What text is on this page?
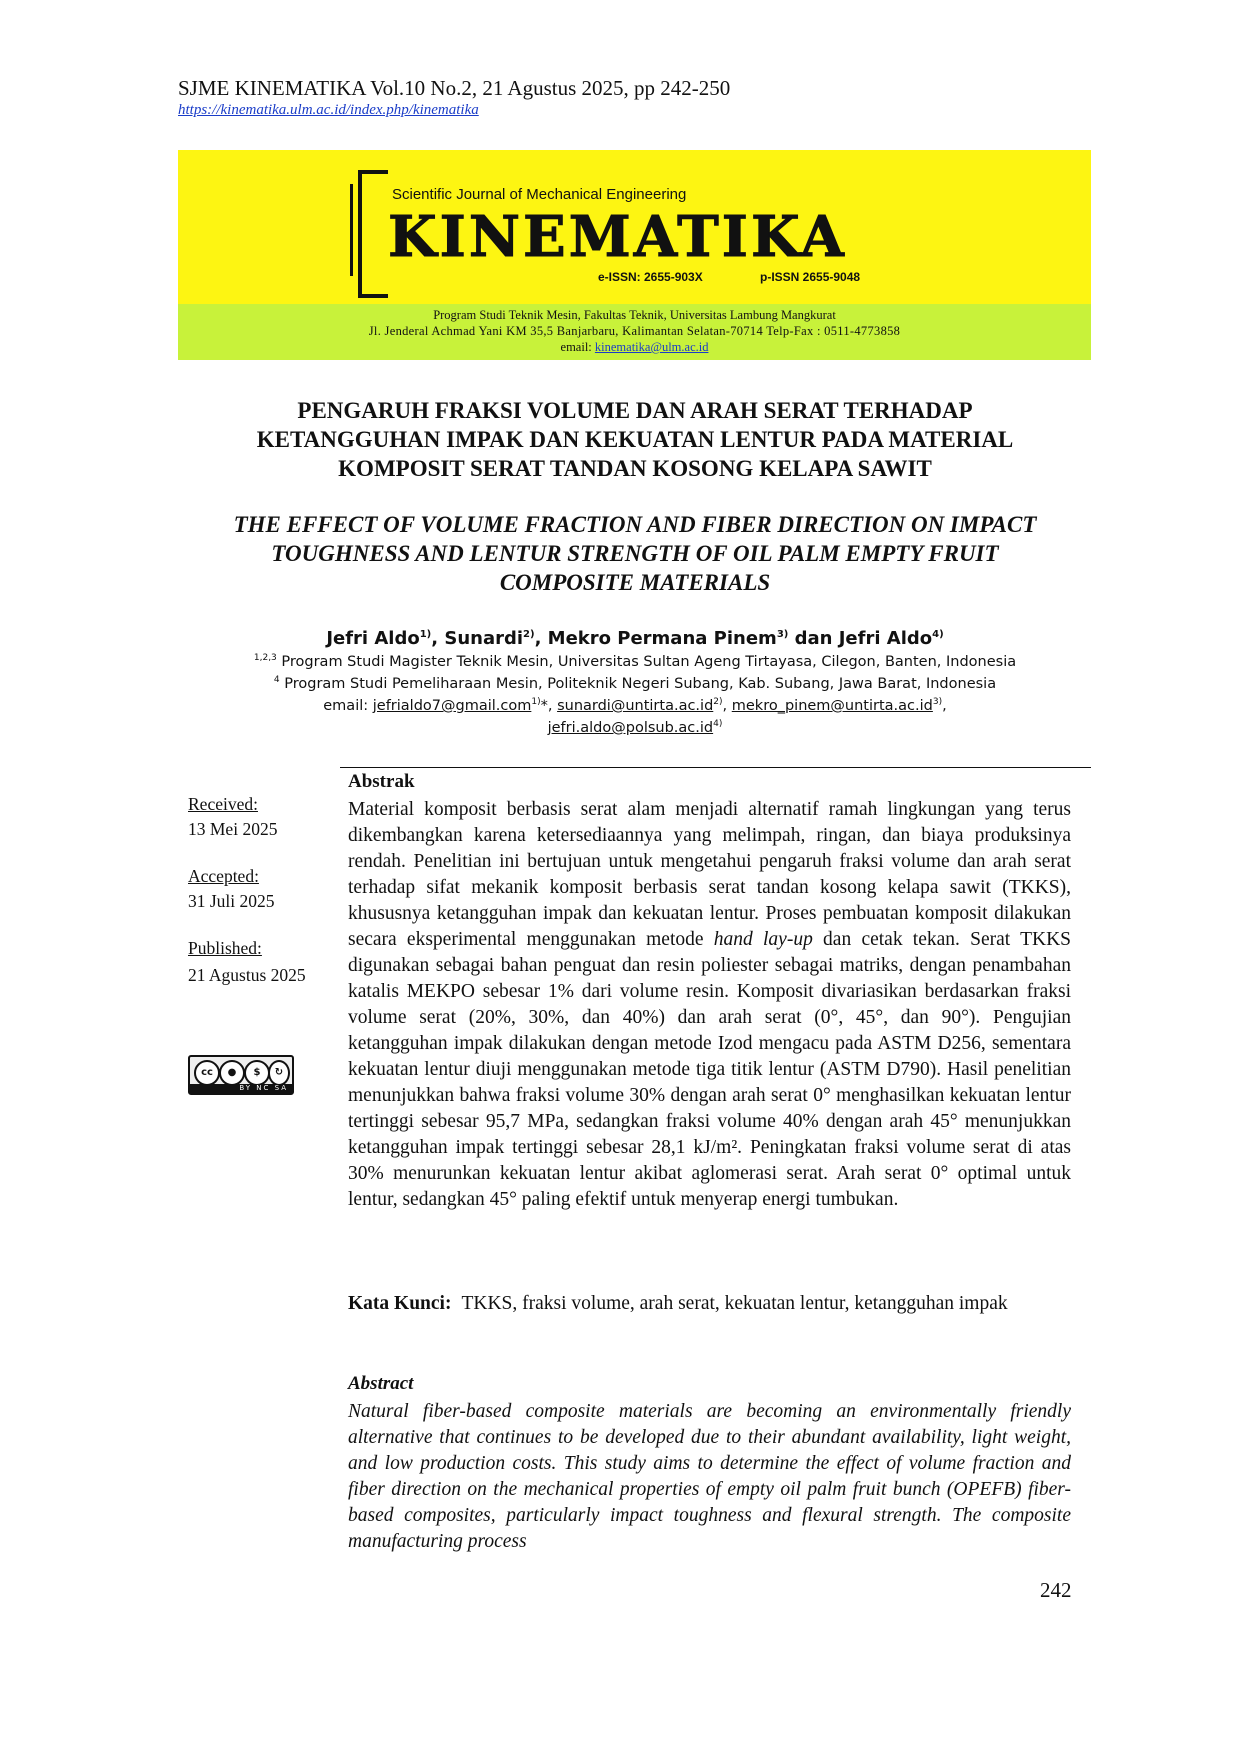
SJME KINEMATIKA Vol.10 No.2, 21 Agustus 2025, pp 242-250
https://kinematika.ulm.ac.id/index.php/kinematika
Scientific Journal of Mechanical Engineering
KINEMATIKA
e-ISSN: 2655-903X	p-ISSN 2655-9048
Program Studi Teknik Mesin, Fakultas Teknik, Universitas Lambung Mangkurat
Jl. Jenderal Achmad Yani KM 35,5 Banjarbaru, Kalimantan Selatan-70714 Telp-Fax : 0511-4773858
email: kinematika@ulm.ac.id
PENGARUH FRAKSI VOLUME DAN ARAH SERAT TERHADAP
KETANGGUHAN IMPAK DAN KEKUATAN LENTUR PADA MATERIAL
KOMPOSIT SERAT TANDAN KOSONG KELAPA SAWIT
THE EFFECT OF VOLUME FRACTION AND FIBER DIRECTION ON IMPACT
TOUGHNESS AND LENTUR STRENGTH OF OIL PALM EMPTY FRUIT
COMPOSITE MATERIALS
Jefri Aldo$^{1)}$, Sunardi$^{2)}$, Mekro Permana Pinem$^{3)}$ dan Jefri Aldo$^{4)}$
$^{1,2,3}$ Program Studi Magister Teknik Mesin, Universitas Sultan Ageng Tirtayasa, Cilegon, Banten, Indonesia
$^4$ Program Studi Pemeliharaan Mesin, Politeknik Negeri Subang, Kab. Subang, Jawa Barat, Indonesia
email: jefrialdo7@gmail.com$^{1)}$*, $sunardi@untirta.ac.id^{2)}$, $mekro\_pinem@untirta.ac.id^{3)}$,
$jefri.aldo@polsub.ac.id^{4)}$
Received:
13 Mei 2025
Accepted:
31 Juli 2025
Published:
21 Agustus 2025
cc	●	$	↻
BY NC SA
Abstrak
Material komposit berbasis serat alam menjadi alternatif ramah lingkungan yang terus dikembangkan karena ketersediaannya yang melimpah, ringan, dan biaya produksinya rendah. Penelitian ini bertujuan untuk mengetahui pengaruh fraksi volume dan arah serat terhadap sifat mekanik komposit berbasis serat tandan kosong kelapa sawit (TKKS), khususnya ketangguhan impak dan kekuatan lentur. Proses pembuatan komposit dilakukan secara eksperimental menggunakan metode hand lay-up dan cetak tekan. Serat TKKS digunakan sebagai bahan penguat dan resin poliester sebagai matriks, dengan penambahan katalis MEKPO sebesar 1% dari volume resin. Komposit divariasikan berdasarkan fraksi volume serat (20%, 30%, dan 40%) dan arah serat (0°, 45°, dan 90°). Pengujian ketangguhan impak dilakukan dengan metode Izod mengacu pada ASTM D256, sementara kekuatan lentur diuji menggunakan metode tiga titik lentur (ASTM D790). Hasil penelitian menunjukkan bahwa fraksi volume 30% dengan arah serat 0° menghasilkan kekuatan lentur tertinggi sebesar 95,7 MPa, sedangkan fraksi volume 40% dengan arah 45° menunjukkan ketangguhan impak tertinggi sebesar 28,1 kJ/m². Peningkatan fraksi volume serat di atas 30% menurunkan kekuatan lentur akibat aglomerasi serat. Arah serat 0° optimal untuk lentur, sedangkan 45° paling efektif untuk menyerap energi tumbukan.
Kata Kunci: TKKS, fraksi volume, arah serat, kekuatan lentur, ketangguhan impak
Abstract
Natural fiber-based composite materials are becoming an environmentally friendly alternative that continues to be developed due to their abundant availability, light weight, and low production costs. This study aims to determine the effect of volume fraction and fiber direction on the mechanical properties of empty oil palm fruit bunch (OPEFB) fiber-based composites, particularly impact toughness and flexural strength. The composite manufacturing process
242
